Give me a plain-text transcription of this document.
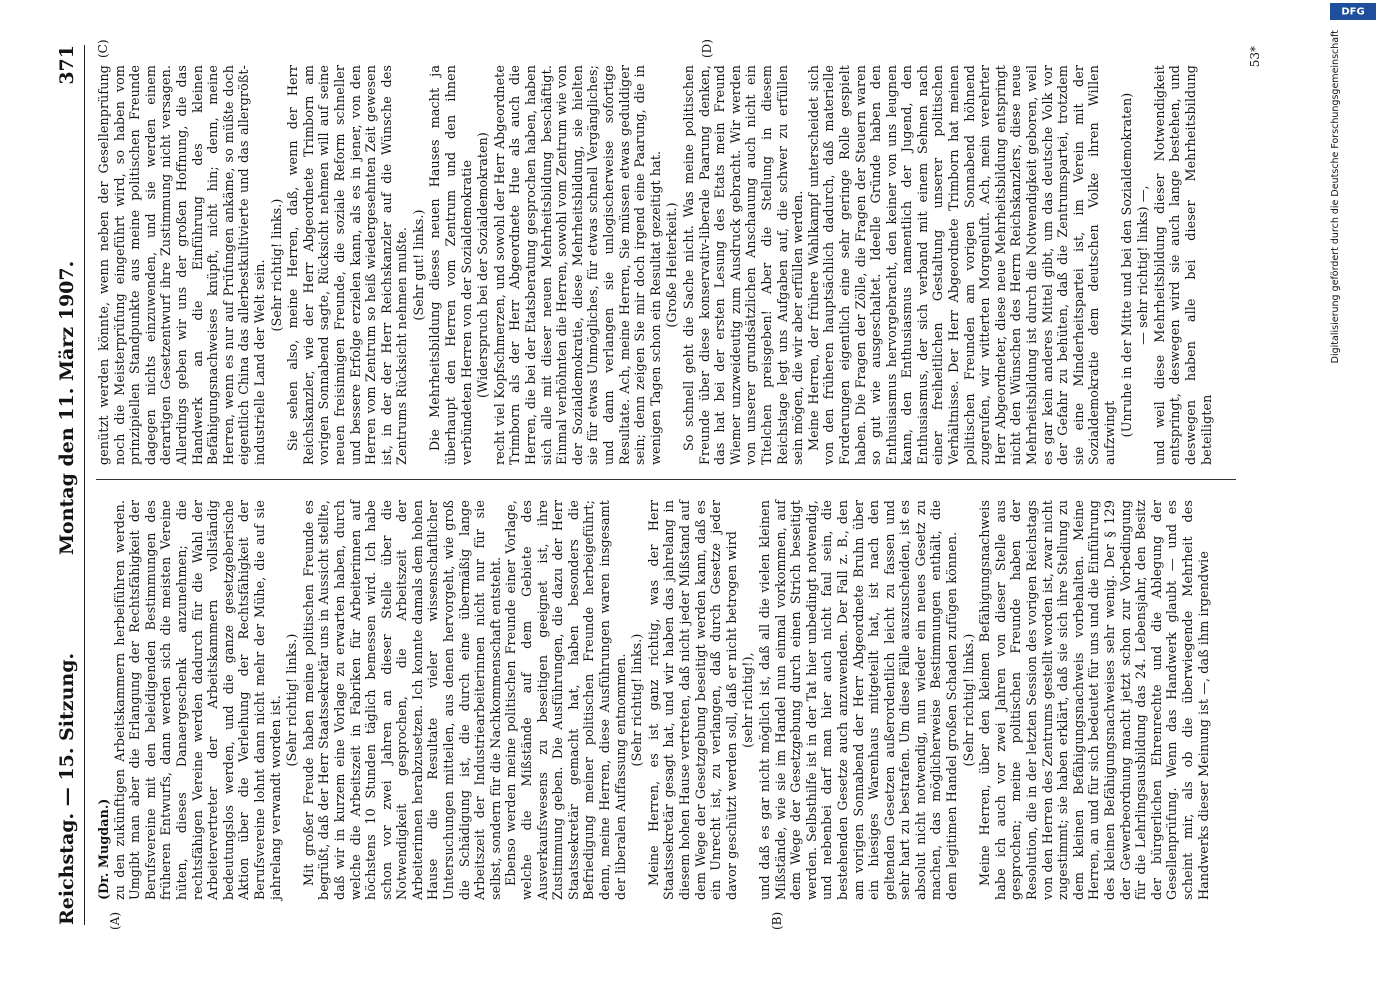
Reichstag. — 15. Sitzung.
Montag den 11. März 1907.
371
(A)	(B)
(C)	(D)

(Dr. Mugdan.) zu den zukünftigen Arbeitskammern herbeiführen werden. Umgibt man aber die Erlangung der Rechtsfähigkeit der Berufsvereine mit den beleidigenden Bestimmungen des früheren Entwurfs, dann werden sich die meisten Vereine hüten, dieses Danaergeschenk anzunehmen; die rechtsfähigen Vereine werden dadurch für die Wahl der Arbeitervertreter der Arbeitskammern vollständig bedeutungslos werden, und die ganze gesetzgeberische Aktion über die Verleihung der Rechtsfähigkeit der Berufsvereine lohnt dann nicht mehr der Mühe, die auf sie jahrelang verwandt worden ist. (Sehr richtig! links.) Mit großer Freude haben meine politischen Freunde es begrüßt, daß der Herr Staatssekretär uns in Aussicht stellte, daß wir in kurzem eine Vorlage zu erwarten haben, durch welche die Arbeitszeit in Fabriken für Arbeiterinnen auf höchstens 10 Stunden täglich bemessen wird. Ich habe schon vor zwei Jahren an dieser Stelle über die Notwendigkeit gesprochen, die Arbeitszeit der Arbeiterinnen herabzusetzen. Ich konnte damals dem hohen Hause die Resultate vieler wissenschaftlicher Untersuchungen mitteilen, aus denen hervorgeht, wie groß die Schädigung ist, die durch eine übermäßig lange Arbeitszeit der Industriearbeiterinnen nicht nur für sie selbst, sondern für die Nachkommenschaft entsteht. Ebenso werden meine politischen Freunde einer Vorlage, welche die Mißstände auf dem Gebiete des Ausverkaufswesens zu beseitigen geeignet ist, ihre Zustimmung geben. Die Ausführungen, die dazu der Herr Staatssekretär gemacht hat, haben besonders die Befriedigung meiner politischen Freunde herbeigeführt; denn, meine Herren, diese Ausführungen waren insgesamt der liberalen Auffassung entnommen. (Sehr richtig! links.) Meine Herren, es ist ganz richtig, was der Herr Staatssekretär gesagt hat, und wir haben das jahrelang in diesem hohen Hause vertreten, daß nicht jeder Mißstand auf dem Wege der Gesetzgebung beseitigt werden kann, daß es ein Unrecht ist, zu verlangen, daß durch Gesetze jeder davor geschützt werden soll, daß er nicht betrogen wird (sehr richtig!), und daß es gar nicht möglich ist, daß all die vielen kleinen Mißstände, wie sie im Handel nun einmal vorkommen, auf dem Wege der Gesetzgebung durch einen Strich beseitigt werden. Selbsthilfe ist in der Tat hier unbedingt notwendig, und nebenbei darf man hier auch nicht faul sein, die bestehenden Gesetze auch anzuwenden. Der Fall z. B., den am vorigen Sonnabend der Herr Abgeordnete Bruhn über ein hiesiges Warenhaus mitgeteilt hat, ist nach den geltenden Gesetzen außerordentlich leicht zu fassen und sehr hart zu bestrafen. Um diese Fälle auszuscheiden, ist es absolut nicht notwendig, nun wieder ein neues Gesetz zu machen, das möglicherweise Bestimmungen enthält, die dem legitimen Handel großen Schaden zufügen können. (Sehr richtig! links.) Meine Herren, über den kleinen Befähigungsnachweis habe ich auch vor zwei Jahren von dieser Stelle aus gesprochen; meine politischen Freunde haben der Resolution, die in der letzten Session des vorigen Reichstags von den Herren des Zentrums gestellt worden ist, zwar nicht zugestimmt; sie haben erklärt, daß sie sich ihre Stellung zu dem kleinen Befähigungsnachweis vorbehalten. Meine Herren, an und für sich bedeutet für uns und die Einführung des kleinen Befähigungsnachweises sehr wenig. Der § 129 der Gewerbeordnung macht jetzt schon zur Vorbedingung für die Lehrlingsausbildung das 24. Lebensjahr, den Besitz der bürgerlichen Ehrenrechte und die Ablegung der Gesellenprüfung. Wenn das Handwerk glaubt — und es scheint mir, als ob die überwiegende Mehrheit des Handwerks dieser Meinung ist —, daß ihm irgendwie

genützt werden könnte, wenn neben der Gesellenprüfung noch die Meisterprüfung eingeführt wird, so haben vom prinzipiellen Standpunkte aus meine politischen Freunde dagegen nichts einzuwenden, und sie werden einem derartigen Gesetzentwurf ihre Zustimmung nicht versagen. Allerdings geben wir uns der großen Hoffnung, die das Handwerk an die Einführung des kleinen Befähigungsnachweises knüpft, nicht hin; denn, meine Herren, wenn es nur auf Prüfungen ankäme, so müßte doch eigentlich China das allerbestkultivierte und das allergrößt-industrielle Land der Welt sein. (Sehr richtig! links.) Sie sehen also, meine Herren, daß, wenn der Herr Reichskanzler, wie der Herr Abgeordnete Trimborn am vorigen Sonnabend sagte, Rücksicht nehmen will auf seine neuen freisinnigen Freunde, die soziale Reform schneller und bessere Erfolge erzielen kann, als es in jener, von den Herren vom Zentrum so heiß wiedergesehnten Zeit gewesen ist, in der der Herr Reichskanzler auf die Wünsche des Zentrums Rücksicht nehmen mußte. (Sehr gut! links.) Die Mehrheitsbildung dieses neuen Hauses macht ja überhaupt den Herren vom Zentrum und den ihnen verbündeten Herren von der Sozialdemokratie (Widerspruch bei der Sozialdemokraten) recht viel Kopfschmerzen, und sowohl der Herr Abgeordnete Trimborn als der Herr Abgeordnete Hue als auch die Herren, die bei der Etatsberatung gesprochen haben, haben sich alle mit dieser neuen Mehrheitsbildung beschäftigt. Einmal verhöhnten die Herren, sowohl vom Zentrum wie von der Sozialdemokratie, diese Mehrheitsbildung, sie hielten sie für etwas Unmögliches, für etwas schnell Vergängliches; und dann verlangen sie unlogischerweise sofortige Resultate. Ach, meine Herren, Sie müssen etwas geduldiger sein; denn zeigen Sie mir doch irgend eine Paarung, die in wenigen Tagen schon ein Resultat gezeitigt hat. (Große Heiterkeit.) So schnell geht die Sache nicht. Was meine politischen Freunde über diese konservativ-liberale Paarung denken, das hat bei der ersten Lesung des Etats mein Freund Wiemer unzweideutig zum Ausdruck gebracht. Wir werden von unserer grundsätzlichen Anschauung auch nicht ein Titelchen preisgeben! Aber die Stellung in diesem Reichstage legt uns Aufgaben auf, die schwer zu erfüllen sein mögen, die wir aber erfüllen werden. Meine Herren, der frühere Wahlkampf unterscheidet sich von den früheren hauptsächlich dadurch, daß materielle Forderungen eigentlich eine sehr geringe Rolle gespielt haben. Die Fragen der Zölle, die Fragen der Steuern waren so gut wie ausgeschaltet. Ideelle Gründe haben den Enthusiasmus hervorgebracht, den keiner von uns leugnen kann, den Enthusiasmus namentlich der Jugend, den Enthusiasmus, der sich verband mit einem Sehnen nach einer freiheitlichen Gestaltung unserer politischen Verhältnisse. Der Herr Abgeordnete Trimborn hat meinen politischen Freunden am vorigen Sonnabend höhnend zugerufen, wir witterten Morgenluft. Ach, mein verehrter Herr Abgeordneter, diese neue Mehrheitsbildung entspringt nicht den Wünschen des Herrn Reichskanzlers, diese neue Mehrheitsbildung ist durch die Notwendigkeit geboren, weil es gar kein anderes Mittel gibt, um das deutsche Volk vor der Gefahr zu behüten, daß die Zentrumspartei, trotzdem sie eine Minderheitspartei ist, im Verein mit der Sozialdemokratie dem deutschen Volke ihren Willen aufzwingt (Unruhe in der Mitte und bei den Sozialdemokraten) — sehr richtig! links) —, und weil diese Mehrheitsbildung dieser Notwendigkeit entspringt, deswegen wird sie auch lange bestehen, und deswegen haben alle bei dieser Mehrheitsbildung beteiligten

53*	Digitalisierung gefördert durch die Deutsche Forschungsgemeinschaft
DFG
